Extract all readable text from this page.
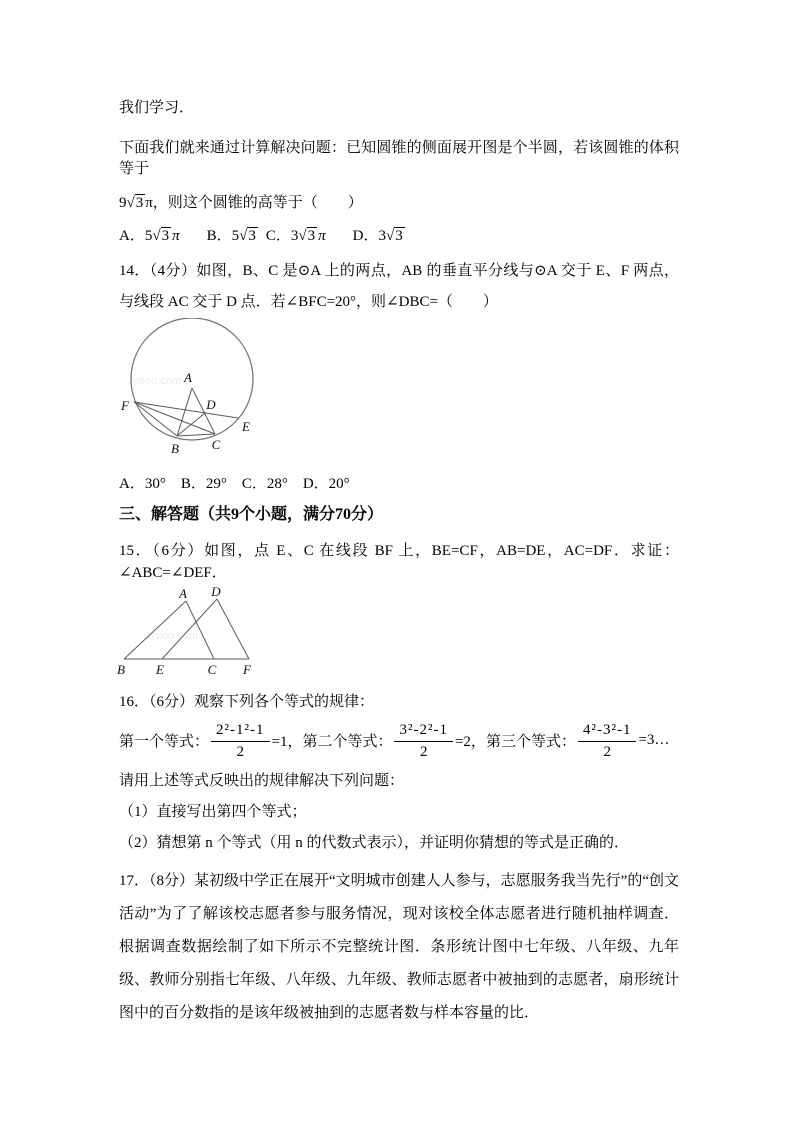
我们学习．

下面我们就来通过计算解决问题：已知圆锥的侧面展开图是个半圆，若该圆锥的体积等于

9√3 π，则这个圆锥的高等于（　　）

A．5√3 π B．5√3 C．3√3 π D．3√3

14．（4分）如图，B、C 是⊙A 上的两点，AB 的垂直平分线与⊙A 交于 E、F 两点，与线段 AC 交于 D 点．若∠BFC=20°，则∠DBC=（　　）

Jyeoo.com A
B	C
D
E
F

A．30°　B．29°　C．28°　D．20°

三、解答题（共9个小题，满分70分）

15．（6分）如图，点 E、C 在线段 BF 上，BE=CF，AB=DE，AC=DF．求证：∠ABC=∠DEF．

Jyeoo.com
A D
B E	C F

16．（6分）观察下列各个等式的规律：

第一个等式： $\frac{\text{2²-1²-1}}{2} =1$， 第二个等式： $\frac{\text{3²-2²-1}}{2} =2$， 第三个等式： $\frac{\text{4²-3²-1}}{2}$ =3…

请用上述等式反映出的规律解决下列问题：

（1）直接写出第四个等式；

（2）猜想第 n 个等式（用 n 的代数式表示），并证明你猜想的等式是正确的．

17．（8分）某初级中学正在展开“文明城市创建人人参与，志愿服务我当先行”的“创文活动”为了了解该校志愿者参与服务情况，现对该校全体志愿者进行随机抽样调查．根据调查数据绘制了如下所示不完整统计图．条形统计图中七年级、八年级、九年级、教师分别指七年级、八年级、九年级、教师志愿者中被抽到的志愿者，扇形统计图中的百分数指的是该年级被抽到的志愿者数与样本容量的比．
